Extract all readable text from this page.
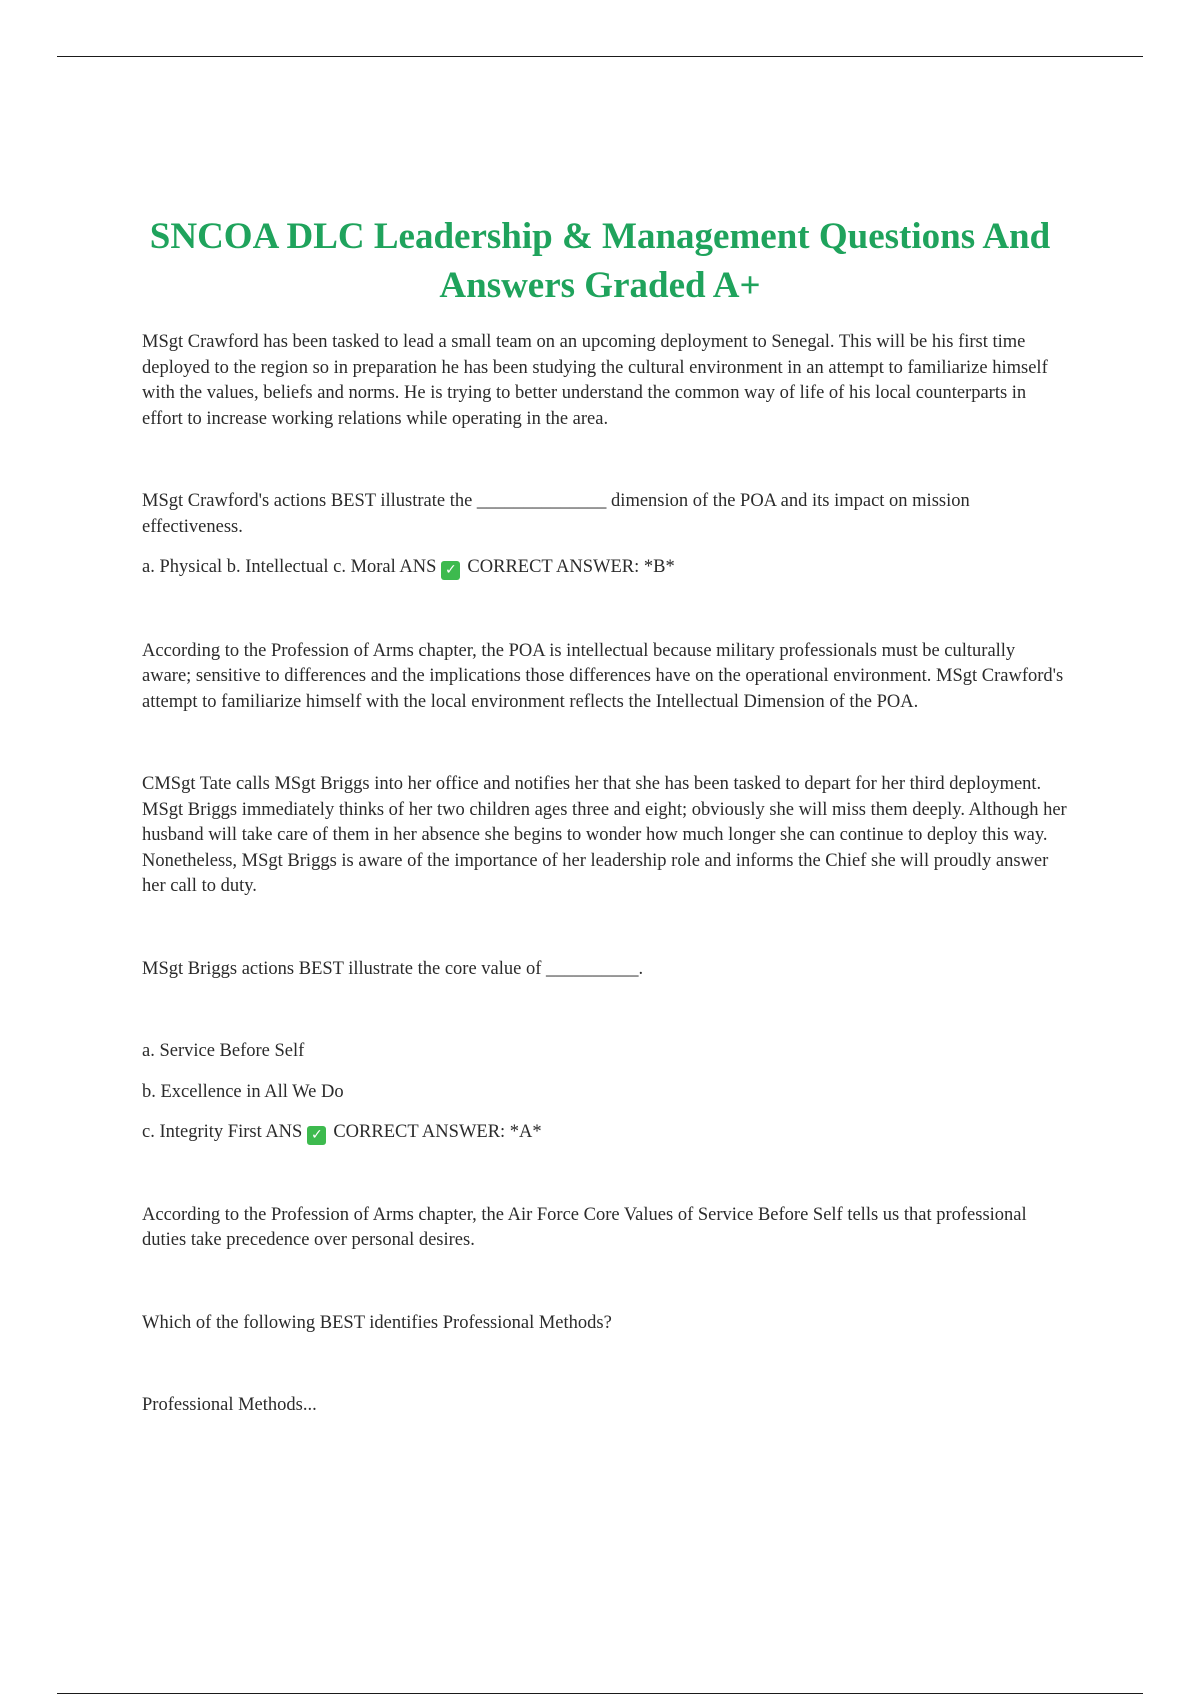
SNCOA DLC Leadership & Management Questions And Answers Graded A+

MSgt Crawford has been tasked to lead a small team on an upcoming deployment to Senegal. This will be his first time deployed to the region so in preparation he has been studying the cultural environment in an attempt to familiarize himself with the values, beliefs and norms. He is trying to better understand the common way of life of his local counterparts in effort to increase working relations while operating in the area.

MSgt Crawford's actions BEST illustrate the ______________ dimension of the POA and its impact on mission effectiveness.

a. Physical b. Intellectual c. Moral ANS ✓ CORRECT ANSWER: *B*

According to the Profession of Arms chapter, the POA is intellectual because military professionals must be culturally aware; sensitive to differences and the implications those differences have on the operational environment. MSgt Crawford's attempt to familiarize himself with the local environment reflects the Intellectual Dimension of the POA.

CMSgt Tate calls MSgt Briggs into her office and notifies her that she has been tasked to depart for her third deployment. MSgt Briggs immediately thinks of her two children ages three and eight; obviously she will miss them deeply. Although her husband will take care of them in her absence she begins to wonder how much longer she can continue to deploy this way. Nonetheless, MSgt Briggs is aware of the importance of her leadership role and informs the Chief she will proudly answer her call to duty.

MSgt Briggs actions BEST illustrate the core value of __________.

a. Service Before Self

b. Excellence in All We Do

c. Integrity First ANS ✓ CORRECT ANSWER: *A*

According to the Profession of Arms chapter, the Air Force Core Values of Service Before Self tells us that professional duties take precedence over personal desires.

Which of the following BEST identifies Professional Methods?

Professional Methods...
